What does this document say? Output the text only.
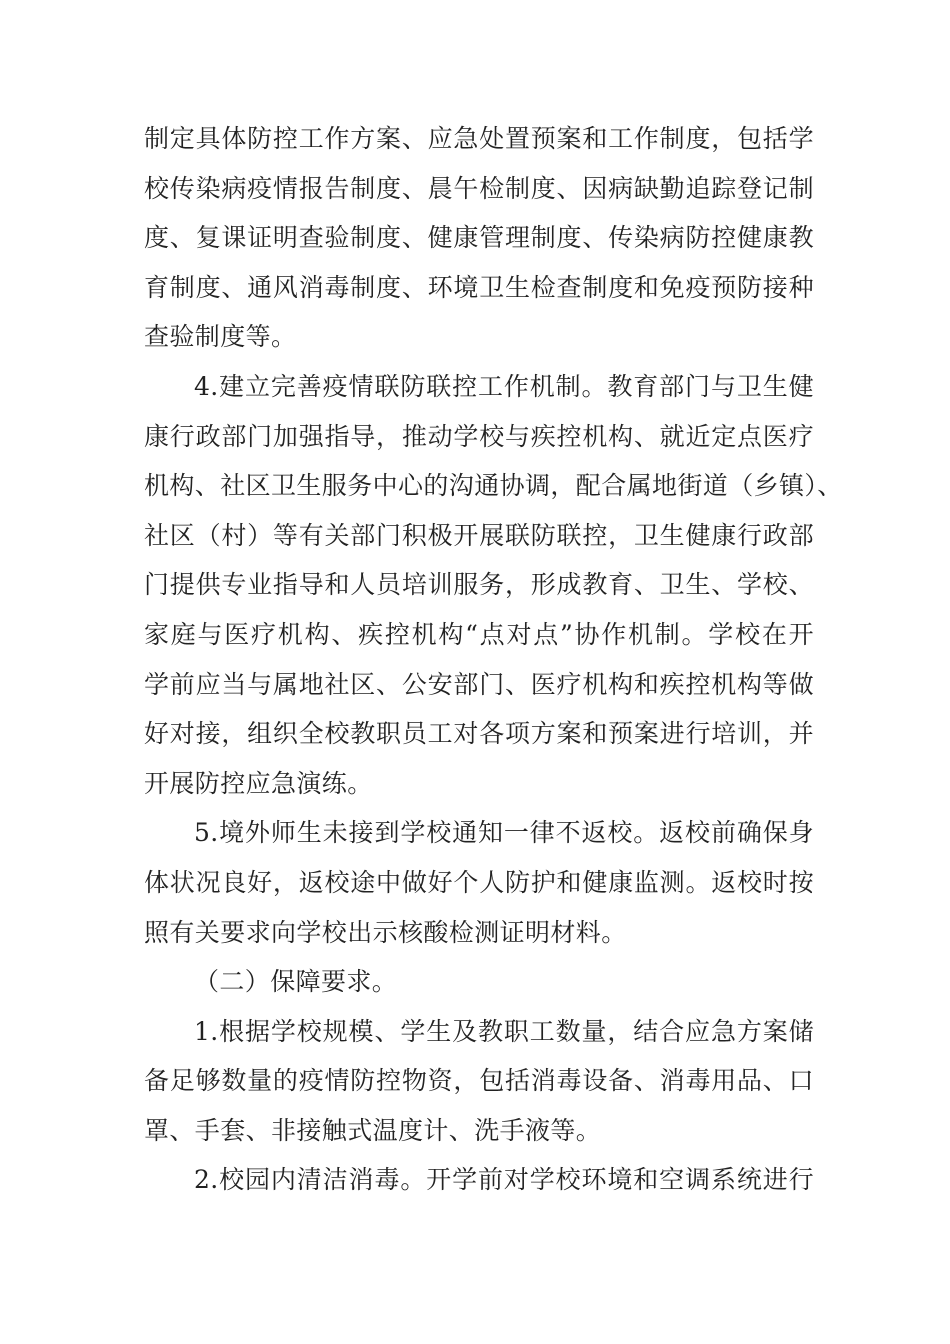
制定具体防控工作方案、应急处置预案和工作制度，包括学
校传染病疫情报告制度、晨午检制度、因病缺勤追踪登记制
度、复课证明查验制度、健康管理制度、传染病防控健康教
育制度、通风消毒制度、环境卫生检查制度和免疫预防接种
查验制度等。
4.建立完善疫情联防联控工作机制。教育部门与卫生健
康行政部门加强指导，推动学校与疾控机构、就近定点医疗
机构、社区卫生服务中心的沟通协调，配合属地街道（乡镇）、
社区（村）等有关部门积极开展联防联控，卫生健康行政部
门提供专业指导和人员培训服务，形成教育、卫生、学校、
家庭与医疗机构、疾控机构“点对点”协作机制。学校在开
学前应当与属地社区、公安部门、医疗机构和疾控机构等做
好对接，组织全校教职员工对各项方案和预案进行培训，并
开展防控应急演练。
5.境外师生未接到学校通知一律不返校。返校前确保身
体状况良好，返校途中做好个人防护和健康监测。返校时按
照有关要求向学校出示核酸检测证明材料。
（二）保障要求。
1.根据学校规模、学生及教职工数量，结合应急方案储
备足够数量的疫情防控物资，包括消毒设备、消毒用品、口
罩、手套、非接触式温度计、洗手液等。
2.校园内清洁消毒。开学前对学校环境和空调系统进行
